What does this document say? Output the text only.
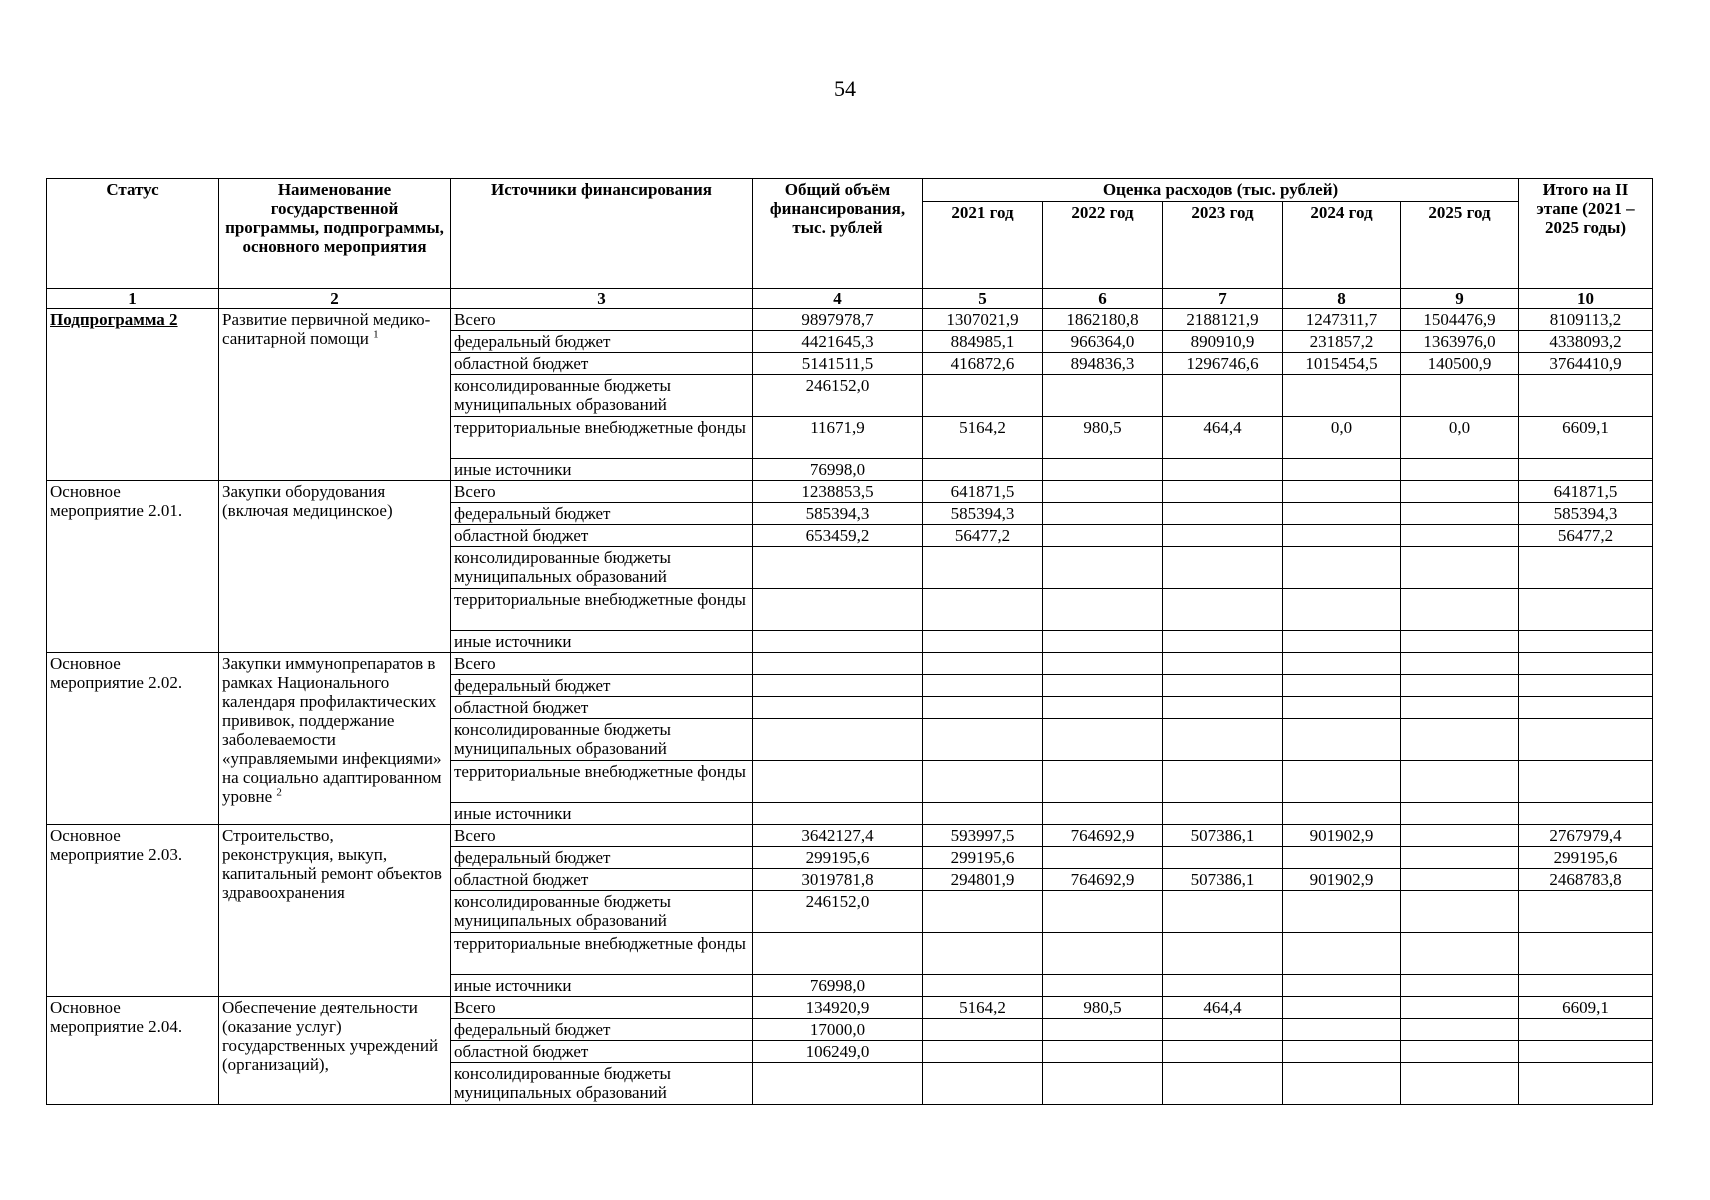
54
Статус	Наименование государственной программы, подпрограммы, основного мероприятия	Источники финансирования	Общий объём финансирования, тыс. рублей	Оценка расходов (тыс. рублей)					Итого на II этапе (2021 – 2025 годы)
				2021 год	2022 год	2023 год	2024 год	2025 год	
1	2	3	4	5	6	7	8	9	10
Подпрограмма 2	Развитие первичной медико-санитарной помощи $^1$	Всего	9897978,7	1307021,9	1862180,8	2188121,9	1247311,7	1504476,9	8109113,2
		федеральный бюджет	4421645,3	884985,1	966364,0	890910,9	231857,2	1363976,0	4338093,2
		областной бюджет	5141511,5	416872,6	894836,3	1296746,6	1015454,5	140500,9	3764410,9
		консолидированные бюджеты муниципальных образований	246152,0						
		территориальные внебюджетные фонды	11671,9	5164,2	980,5	464,4	0,0	0,0	6609,1
		иные источники	76998,0						
Основное мероприятие 2.01.	Закупки оборудования (включая медицинское)	Всего	1238853,5	641871,5					641871,5
		федеральный бюджет	585394,3	585394,3					585394,3
		областной бюджет	653459,2	56477,2					56477,2
		консолидированные бюджеты муниципальных образований							
		территориальные внебюджетные фонды							
		иные источники							
Основное мероприятие 2.02.	Закупки иммунопрепаратов в рамках Национального календаря профилактических прививок, поддержание заболеваемости «управляемыми инфекциями» на социально адаптированном уровне $^2$	Всего							
		федеральный бюджет							
		областной бюджет							
		консолидированные бюджеты муниципальных образований							
		территориальные внебюджетные фонды							
		иные источники							
Основное мероприятие 2.03.	Строительство, реконструкция, выкуп, капитальный ремонт объектов здравоохранения	Всего	3642127,4	593997,5	764692,9	507386,1	901902,9		2767979,4
		федеральный бюджет	299195,6	299195,6					299195,6
		областной бюджет	3019781,8	294801,9	764692,9	507386,1	901902,9		2468783,8
		консолидированные бюджеты муниципальных образований	246152,0						
		территориальные внебюджетные фонды							
		иные источники	76998,0						
Основное мероприятие 2.04.	Обеспечение деятельности (оказание услуг) государственных учреждений (организаций),	Всего	134920,9	5164,2	980,5	464,4			6609,1
		федеральный бюджет	17000,0						
		областной бюджет	106249,0						
		консолидированные бюджеты муниципальных образований							
